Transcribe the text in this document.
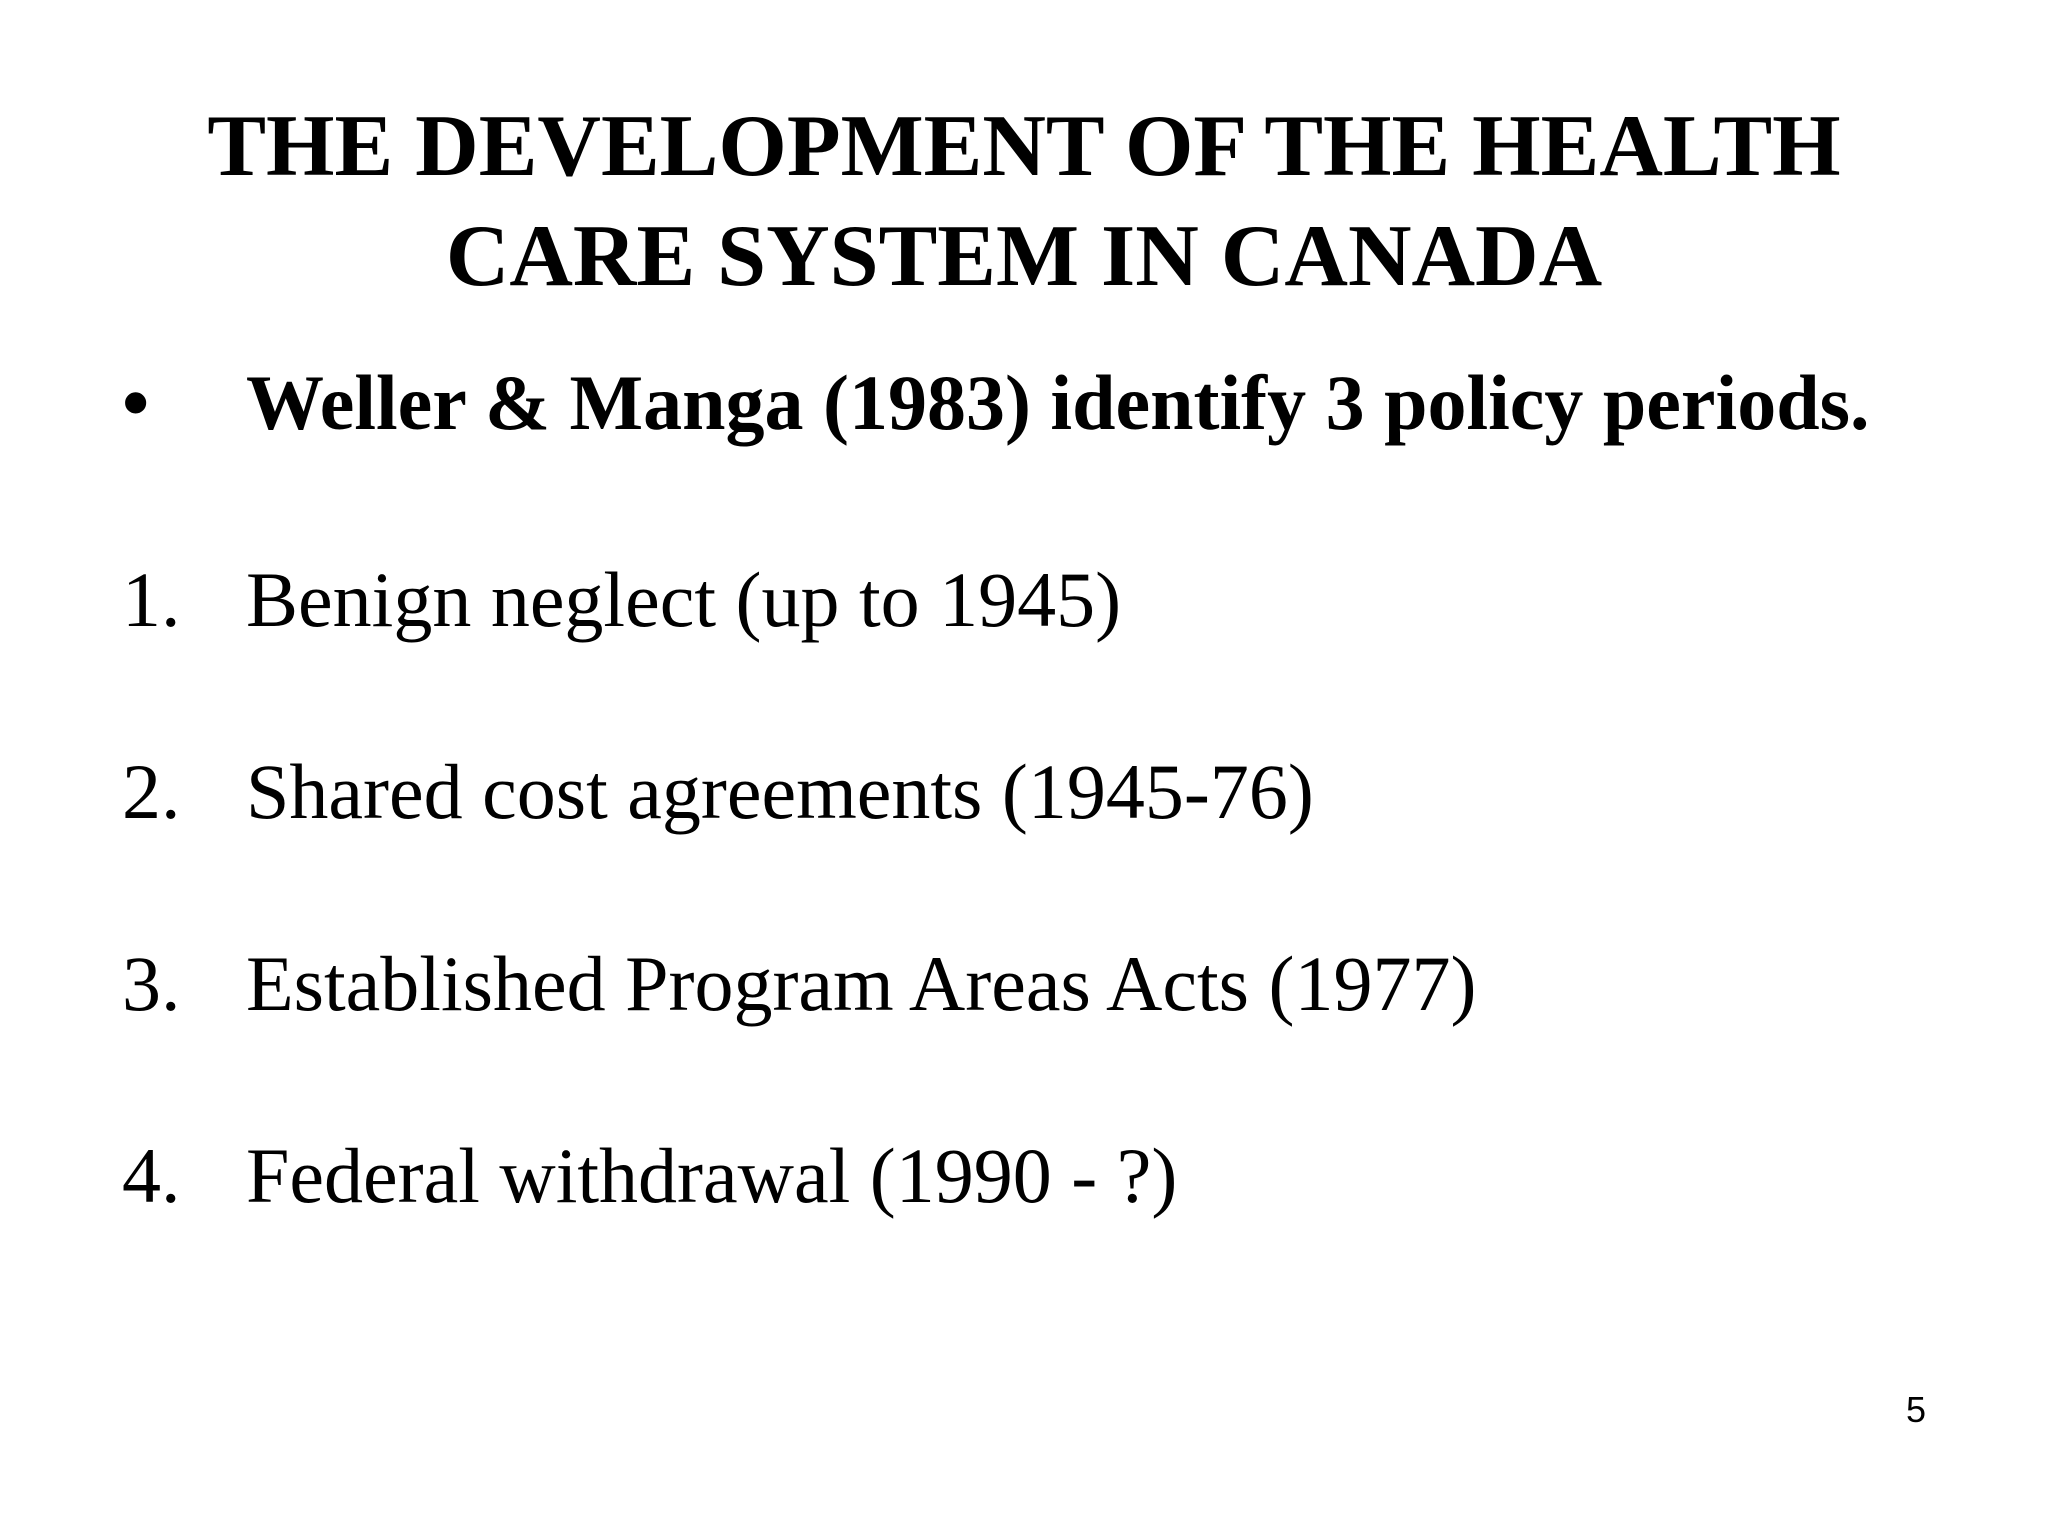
THE DEVELOPMENT OF THE HEALTH
CARE SYSTEM IN CANADA
• Weller & Manga (1983) identify 3 policy periods.
1. Benign neglect (up to 1945)
2. Shared cost agreements (1945-76)
3. Established Program Areas Acts (1977)
4. Federal withdrawal (1990 - ?)
5
